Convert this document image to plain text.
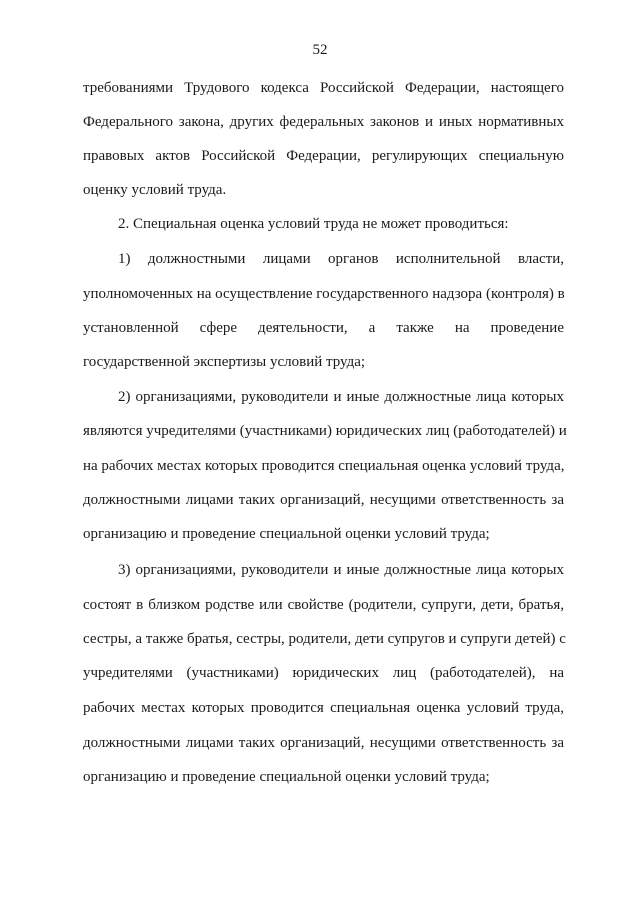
52
требованиями Трудового кодекса Российской Федерации, настоящего
Федерального закона, других федеральных законов и иных нормативных
правовых актов Российской Федерации, регулирующих специальную
оценку условий труда.
2. Специальная оценка условий труда не может проводиться:
1) должностными лицами органов исполнительной власти,
уполномоченных на осуществление государственного надзора (контроля) в
установленной сфере деятельности, а также на проведение
государственной экспертизы условий труда;
2) организациями, руководители и иные должностные лица которых
являются учредителями (участниками) юридических лиц (работодателей) и
на рабочих местах которых проводится специальная оценка условий труда,
должностными лицами таких организаций, несущими ответственность за
организацию и проведение специальной оценки условий труда;
3) организациями, руководители и иные должностные лица которых
состоят в близком родстве или свойстве (родители, супруги, дети, братья,
сестры, а также братья, сестры, родители, дети супругов и супруги детей) с
учредителями (участниками) юридических лиц (работодателей), на
рабочих местах которых проводится специальная оценка условий труда,
должностными лицами таких организаций, несущими ответственность за
организацию и проведение специальной оценки условий труда;
